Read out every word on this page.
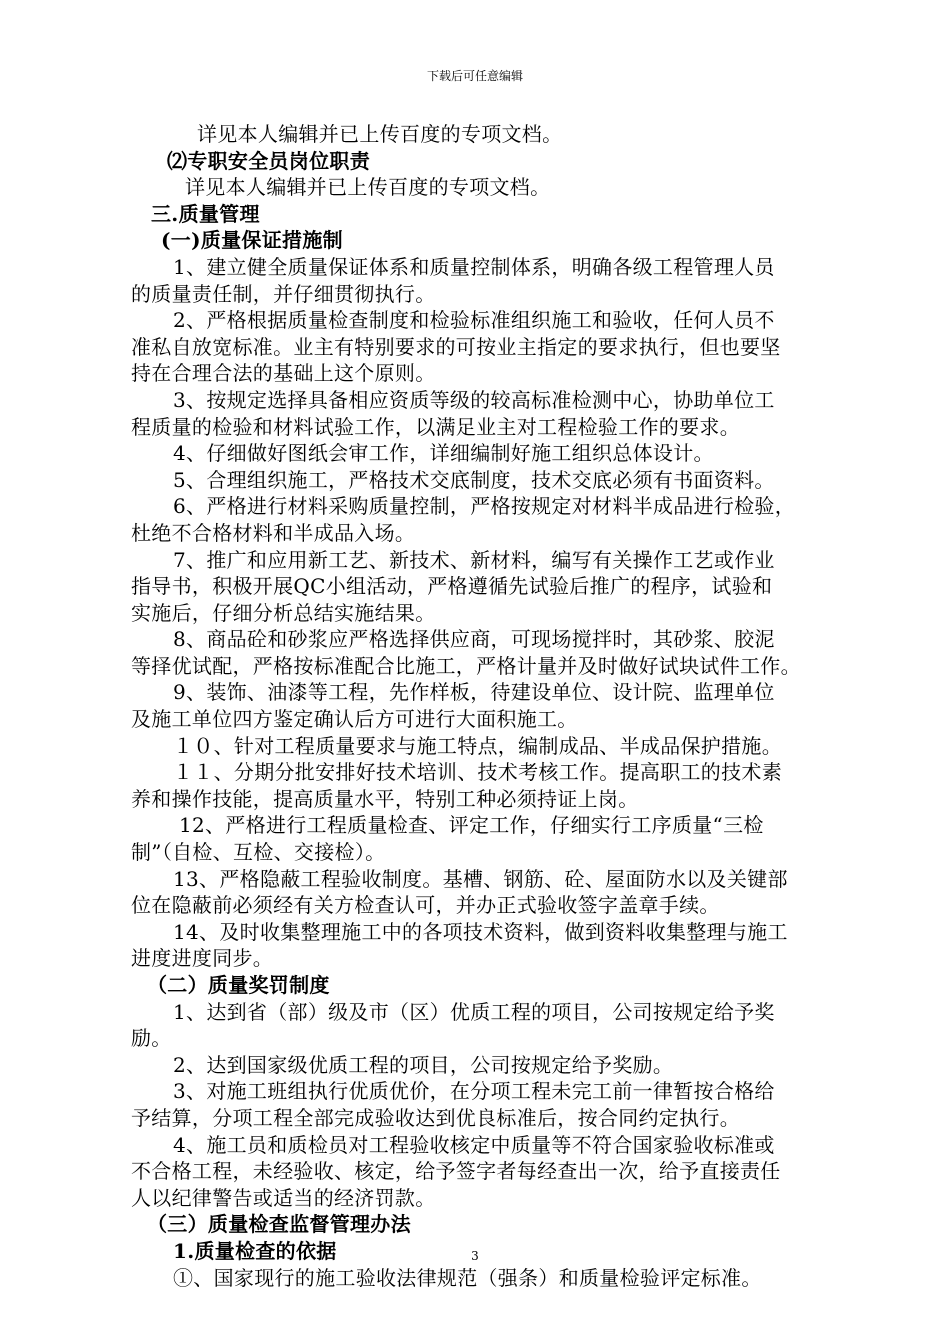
下载后可任意编辑
详见本人编辑并已上传百度的专项文档。
⑵专职安全员岗位职责
详见本人编辑并已上传百度的专项文档。
三.质量管理
(一)质量保证措施制
1、建立健全质量保证体系和质量控制体系，明确各级工程管理人员
的质量责任制，并仔细贯彻执行。
2、严格根据质量检查制度和检验标准组织施工和验收，任何人员不
准私自放宽标准。业主有特别要求的可按业主指定的要求执行，但也要坚
持在合理合法的基础上这个原则。
3、按规定选择具备相应资质等级的较高标准检测中心，协助单位工
程质量的检验和材料试验工作，以满足业主对工程检验工作的要求。
4、仔细做好图纸会审工作，详细编制好施工组织总体设计。
5、合理组织施工，严格技术交底制度，技术交底必须有书面资料。
6、严格进行材料采购质量控制，严格按规定对材料半成品进行检验，
杜绝不合格材料和半成品入场。
7、推广和应用新工艺、新技术、新材料，编写有关操作工艺或作业
指导书，积极开展QC小组活动，严格遵循先试验后推广的程序，试验和
实施后，仔细分析总结实施结果。
8、商品砼和砂浆应严格选择供应商，可现场搅拌时，其砂浆、胶泥
等择优试配，严格按标准配合比施工，严格计量并及时做好试块试件工作。
9、装饰、油漆等工程，先作样板，待建设单位、设计院、监理单位
及施工单位四方鉴定确认后方可进行大面积施工。
１０、针对工程质量要求与施工特点，编制成品、半成品保护措施。
１１、分期分批安排好技术培训、技术考核工作。提高职工的技术素
养和操作技能，提高质量水平，特别工种必须持证上岗。
12、严格进行工程质量检查、评定工作，仔细实行工序质量“三检
制”（自检、互检、交接检）。
13、严格隐蔽工程验收制度。基槽、钢筋、砼、屋面防水以及关键部
位在隐蔽前必须经有关方检查认可，并办正式验收签字盖章手续。
14、及时收集整理施工中的各项技术资料，做到资料收集整理与施工
进度进度同步。
（二）质量奖罚制度
1、达到省（部）级及市（区）优质工程的项目，公司按规定给予奖
励。
2、达到国家级优质工程的项目，公司按规定给予奖励。
3、对施工班组执行优质优价，在分项工程未完工前一律暂按合格给
予结算，分项工程全部完成验收达到优良标准后，按合同约定执行。
4、施工员和质检员对工程验收核定中质量等不符合国家验收标准或
不合格工程，未经验收、核定，给予签字者每经查出一次，给予直接责任
人以纪律警告或适当的经济罚款。
（三）质量检查监督管理办法
1.质量检查的依据
①、国家现行的施工验收法律规范（强条）和质量检验评定标准。
3
